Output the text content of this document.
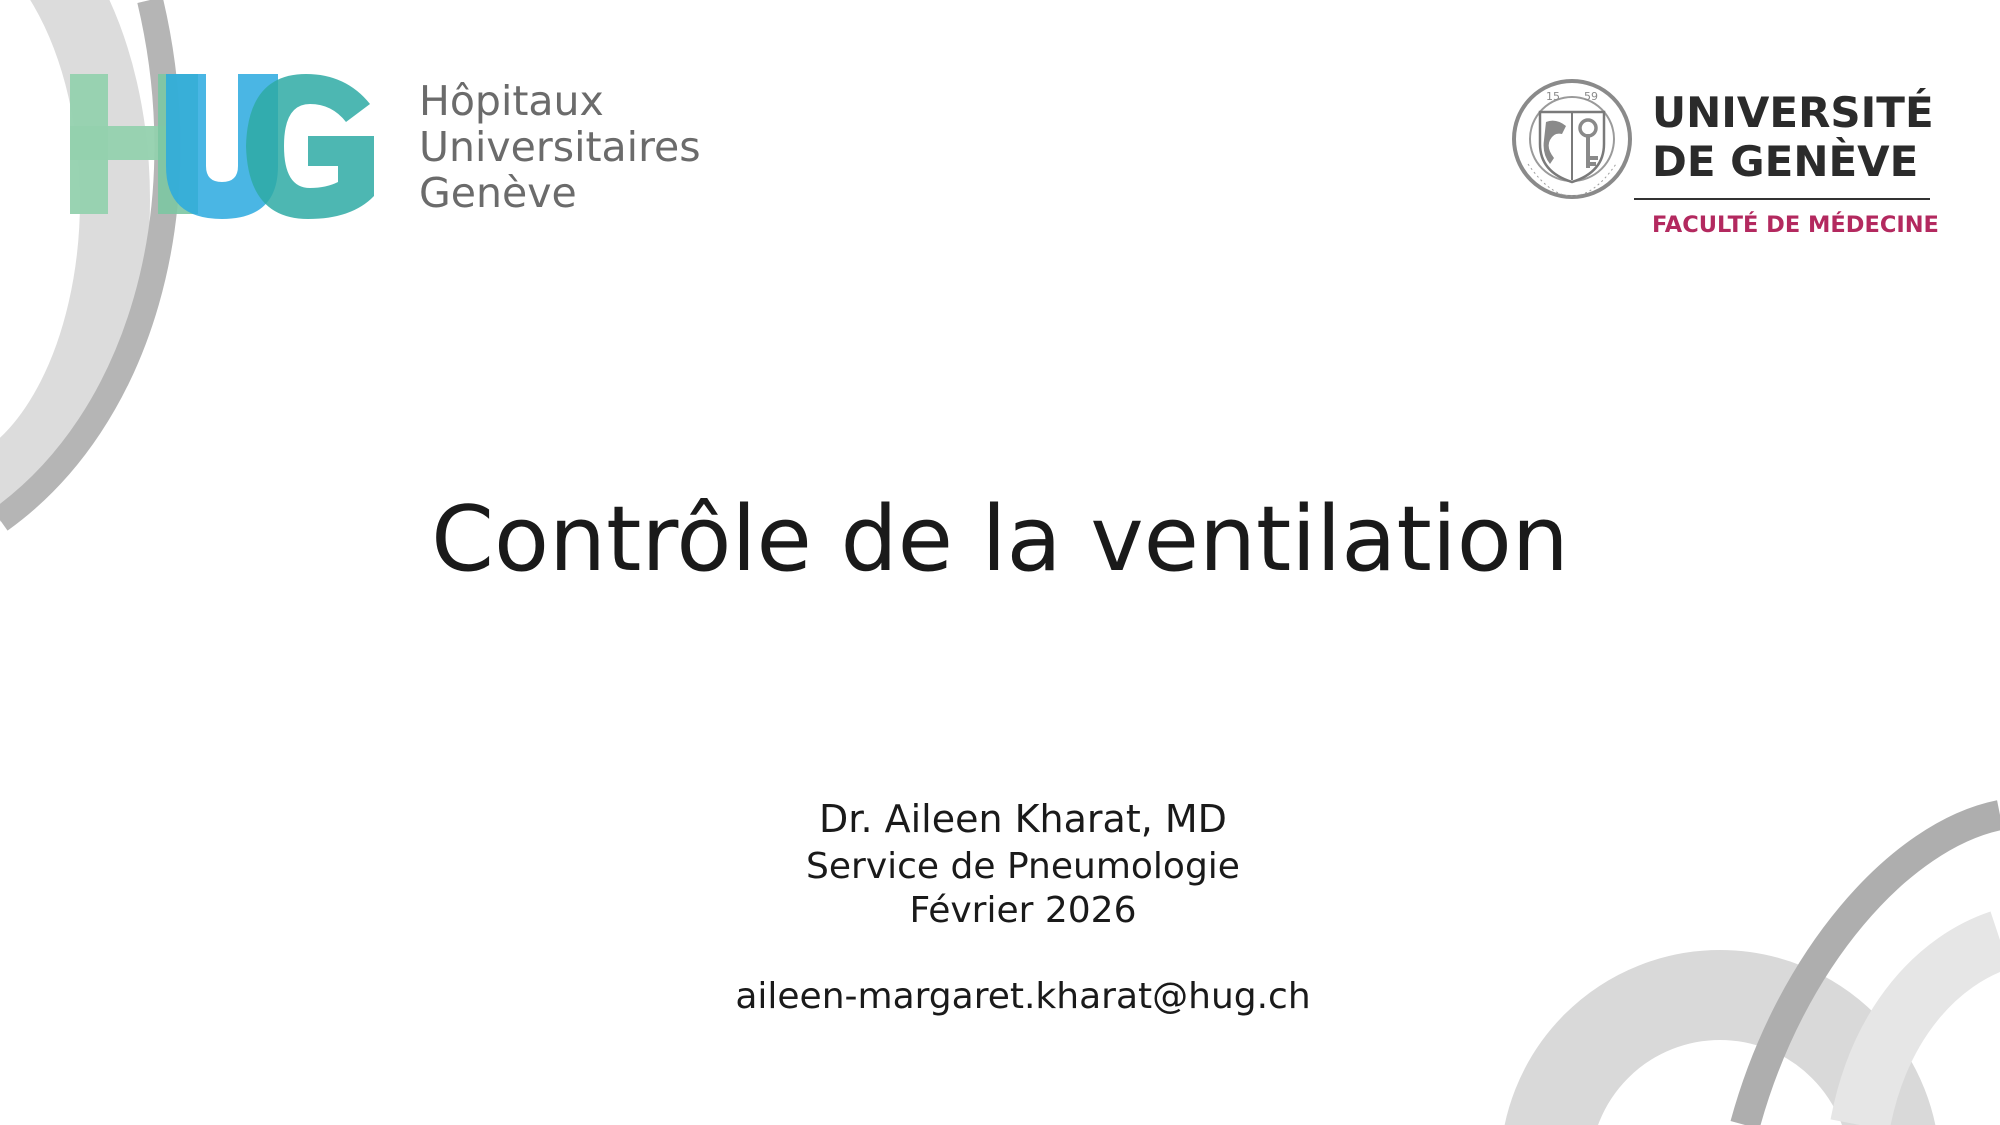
Hôpitaux
Universitaires
Genève
15 59 UNIVERSITÉ
DE GENÈVE
FACULTÉ DE MÉDECINE
Contrôle de la ventilation
Dr. Aileen Kharat, MD
Service de Pneumologie
Février 2026
aileen-margaret.kharat@hug.ch
